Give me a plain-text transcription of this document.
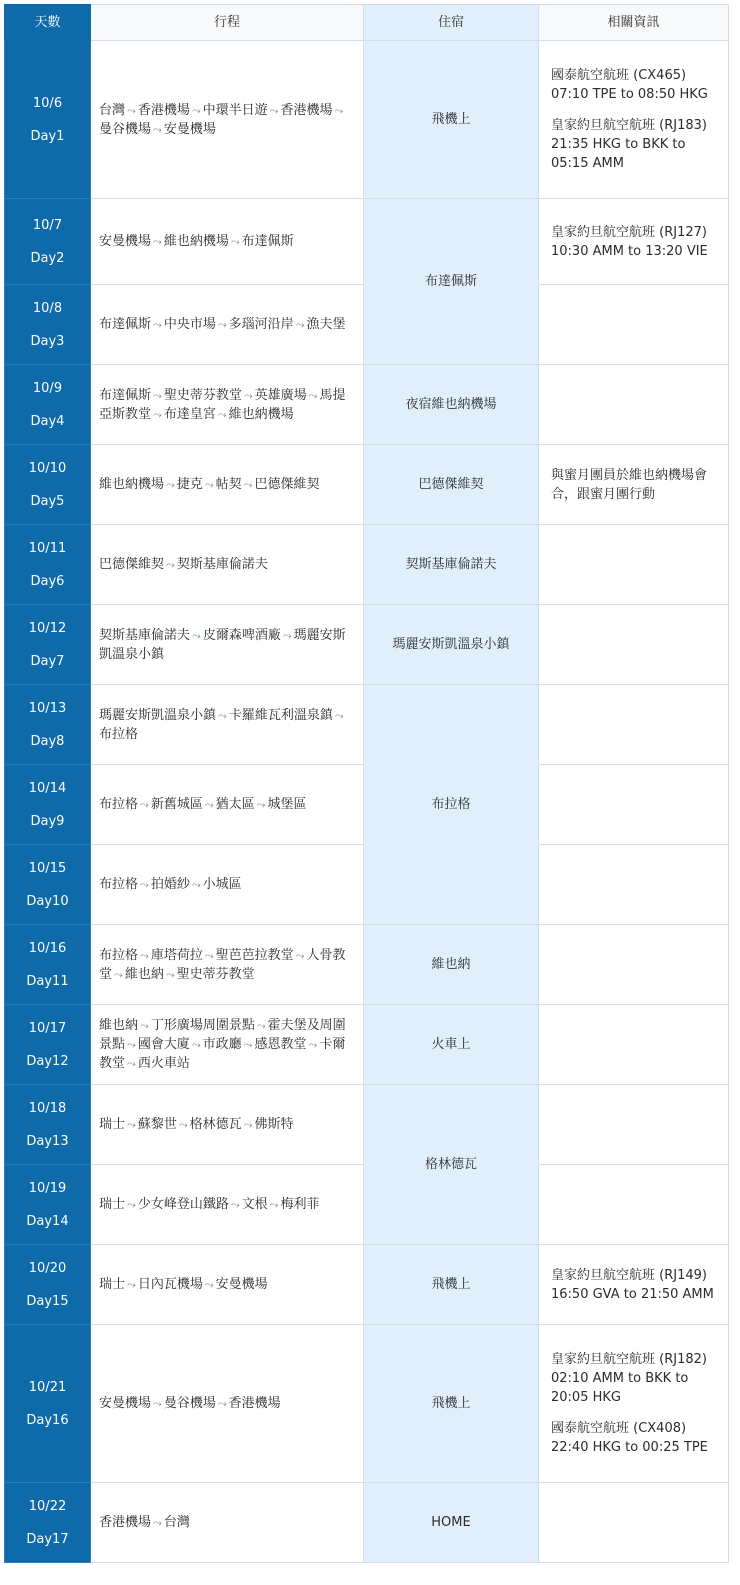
天數	行程	住宿	相關資訊

10/6
Day1	台灣 ⤳ 香港機場 ⤳ 中環半日遊 ⤳ 香港機場 ⤳曼谷機場 ⤳ 安曼機場	飛機上	國泰航空航班 (CX465) 07:10 TPE to 08:50 HKG
皇家約旦航空航班 (RJ183) 21:35 HKG to BKK to 05:15 AMM

10/7
Day2	安曼機場 ⤳ 維也納機場 ⤳ 布達佩斯	布達佩斯	皇家約旦航空航班 (RJ127) 10:30 AMM to 13:20 VIE

10/8
Day3	布達佩斯 ⤳ 中央市場 ⤳ 多瑙河沿岸 ⤳ 漁夫堡		

10/9
Day4	布達佩斯 ⤳ 聖史蒂芬教堂 ⤳ 英雄廣場 ⤳ 馬提亞斯教堂 ⤳ 布達皇宮 ⤳ 維也納機場	夜宿維也納機場	

10/10
Day5	維也納機場 ⤳ 捷克 ⤳ 帖契 ⤳ 巴德傑維契	巴德傑維契	與蜜月團員於維也納機場會合，跟蜜月團行動

10/11
Day6	巴德傑維契 ⤳ 契斯基庫倫諾夫	契斯基庫倫諾夫	

10/12
Day7	契斯基庫倫諾夫 ⤳ 皮爾森啤酒廠 ⤳ 瑪麗安斯凱溫泉小鎮	瑪麗安斯凱溫泉小鎮	

10/13
Day8	瑪麗安斯凱溫泉小鎮 ⤳ 卡羅維瓦利溫泉鎮 ⤳布拉格	布拉格	

10/14
Day9	布拉格 ⤳ 新舊城區 ⤳ 猶太區 ⤳ 城堡區		

10/15
Day10	布拉格 ⤳ 拍婚紗 ⤳ 小城區		

10/16
Day11	布拉格 ⤳ 庫塔荷拉 ⤳ 聖芭芭拉教堂 ⤳ 人骨教堂 ⤳ 維也納 ⤳ 聖史蒂芬教堂	維也納	

10/17
Day12	維也納 ⤳ 丁形廣場周圍景點 ⤳ 霍夫堡及周圍景點 ⤳ 國會大廈 ⤳ 市政廳 ⤳ 感恩教堂 ⤳ 卡爾教堂 ⤳ 西火車站	火車上	

10/18
Day13	瑞士 ⤳ 蘇黎世 ⤳ 格林德瓦 ⤳ 佛斯特	格林德瓦	

10/19
Day14	瑞士 ⤳ 少女峰登山鐵路 ⤳ 文根 ⤳ 梅利菲		

10/20
Day15	瑞士 ⤳ 日內瓦機場 ⤳ 安曼機場	飛機上	皇家約旦航空航班 (RJ149) 16:50 GVA to 21:50 AMM

10/21
Day16	安曼機場 ⤳ 曼谷機場 ⤳ 香港機場	飛機上	皇家約旦航空航班 (RJ182) 02:10 AMM to BKK to 20:05 HKG
國泰航空航班 (CX408) 22:40 HKG to 00:25 TPE

10/22
Day17	香港機場 ⤳ 台灣	HOME	
